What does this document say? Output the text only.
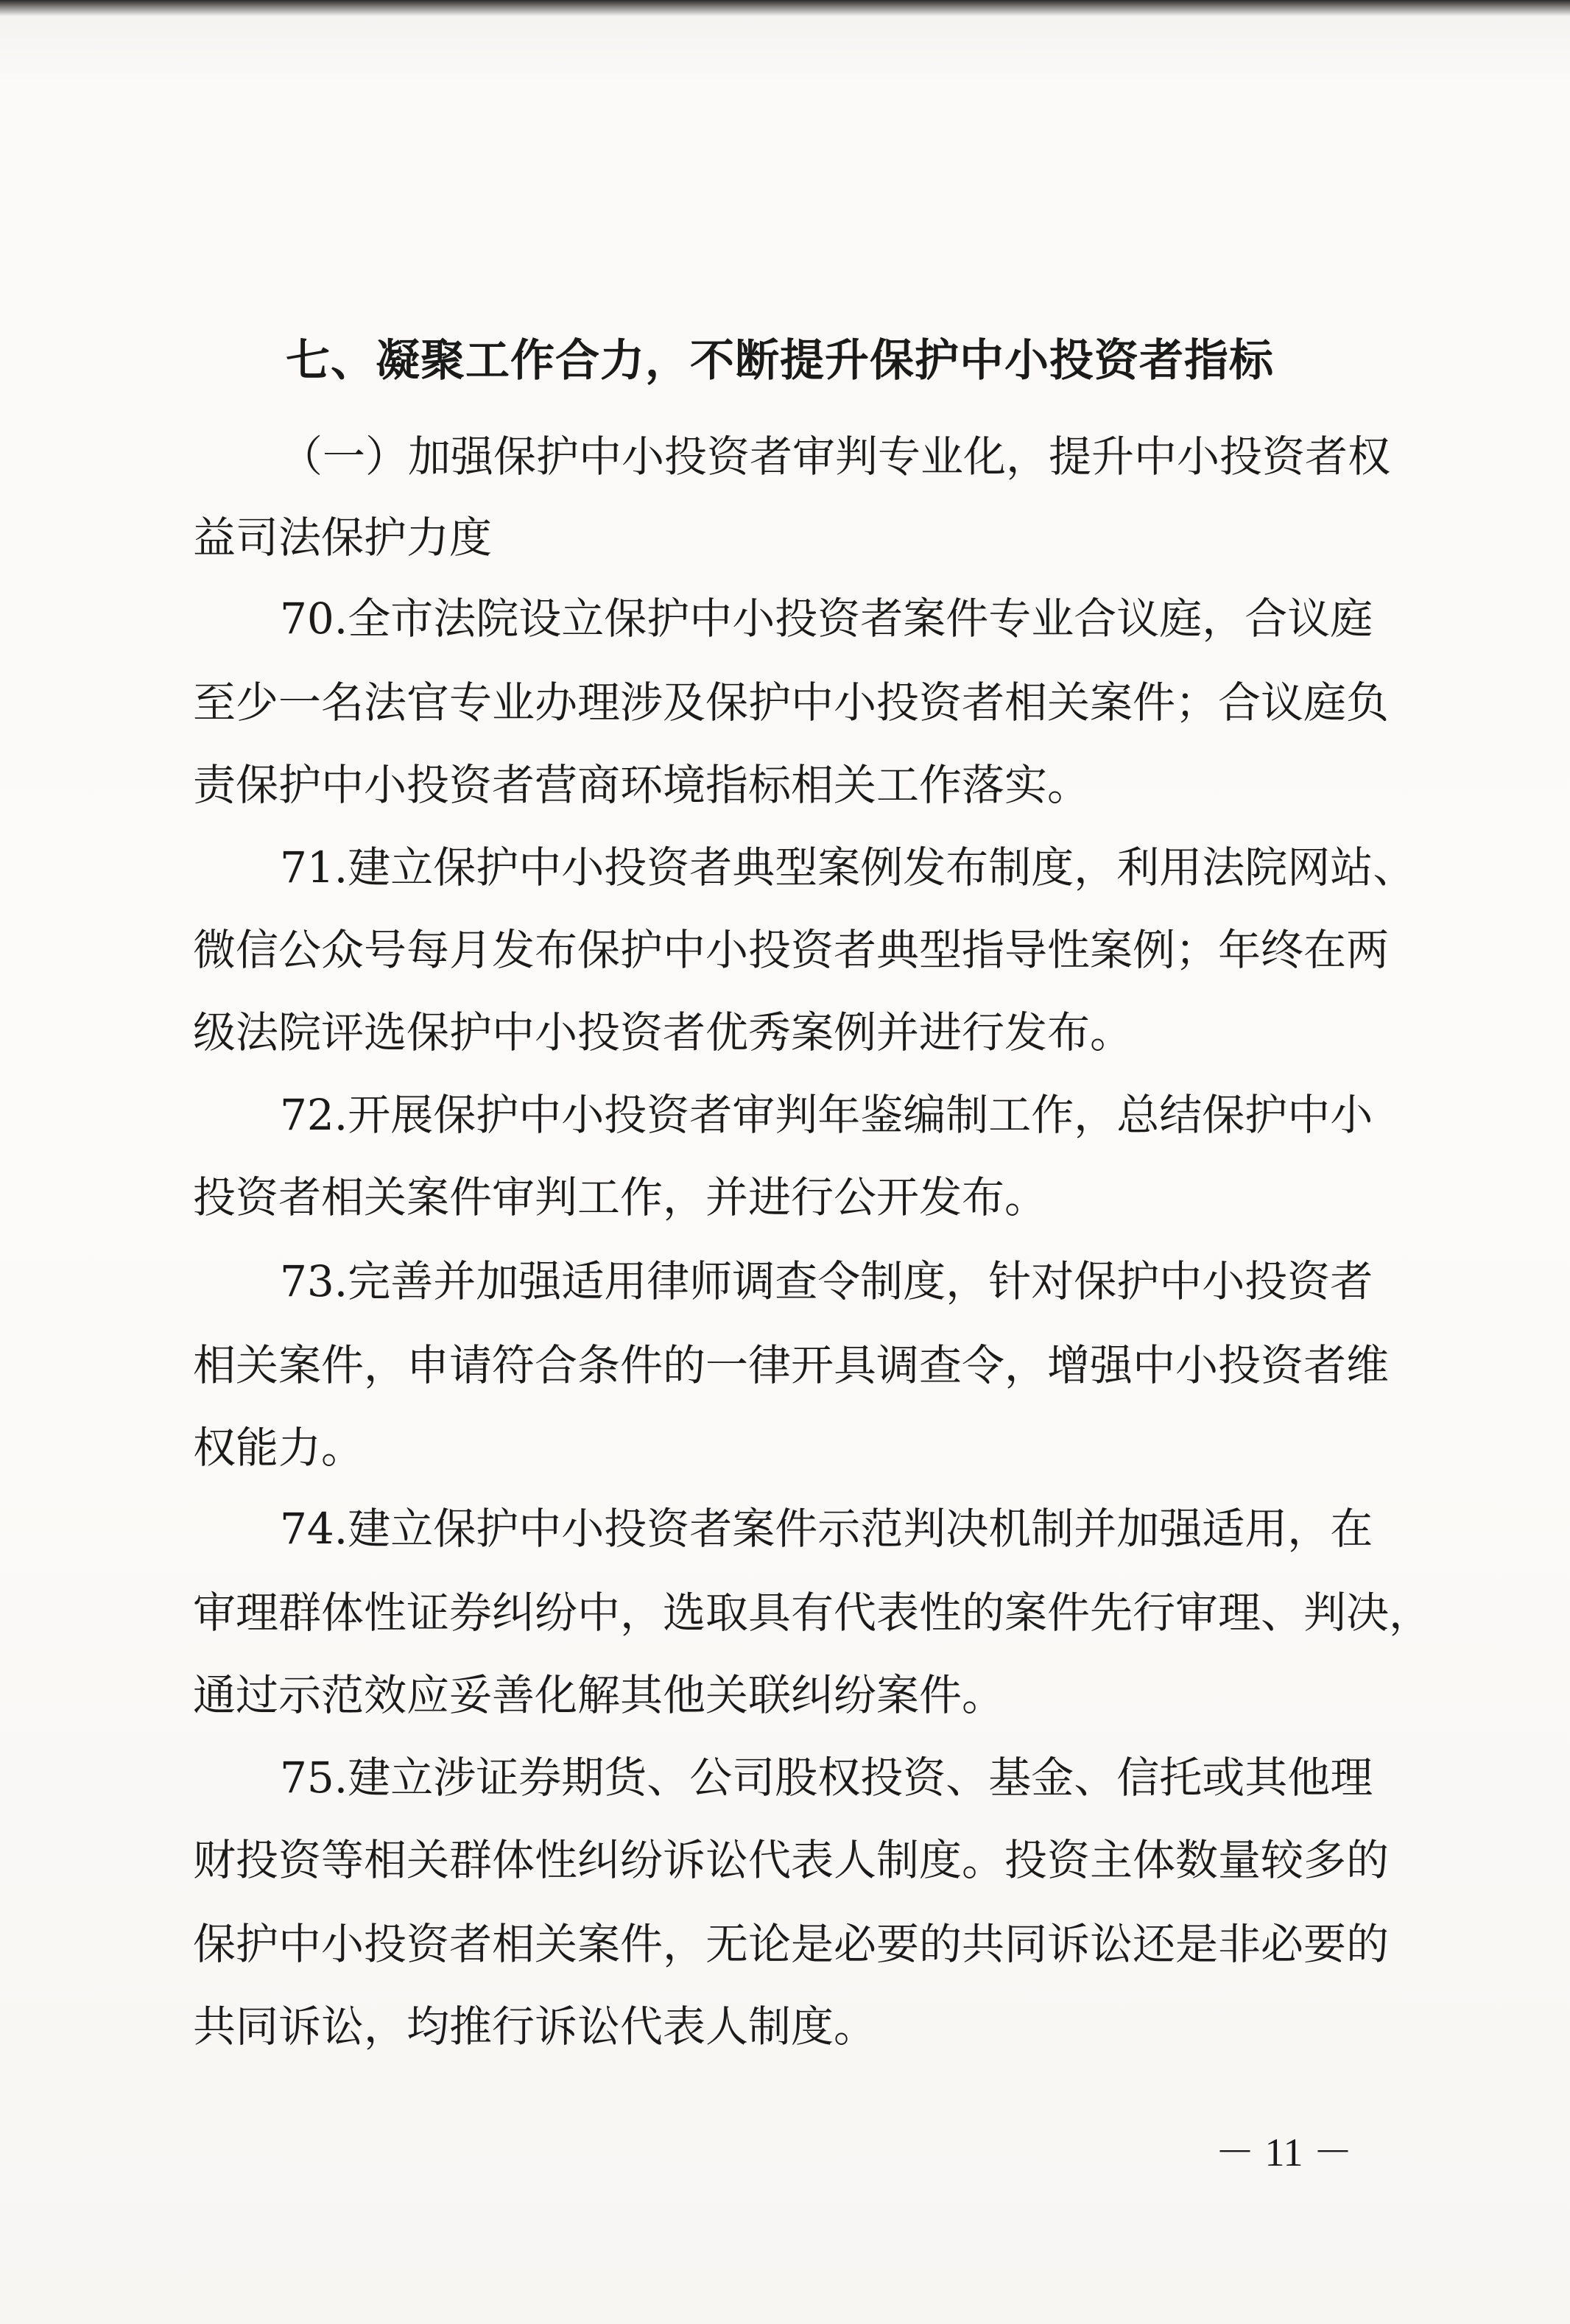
七、凝聚工作合力，不断提升保护中小投资者指标
（一）加强保护中小投资者审判专业化，提升中小投资者权
益司法保护力度
70.全市法院设立保护中小投资者案件专业合议庭，合议庭
至少一名法官专业办理涉及保护中小投资者相关案件；合议庭负
责保护中小投资者营商环境指标相关工作落实。
71.建立保护中小投资者典型案例发布制度，利用法院网站、
微信公众号每月发布保护中小投资者典型指导性案例；年终在两
级法院评选保护中小投资者优秀案例并进行发布。
72.开展保护中小投资者审判年鉴编制工作，总结保护中小
投资者相关案件审判工作，并进行公开发布。
73.完善并加强适用律师调查令制度，针对保护中小投资者
相关案件，申请符合条件的一律开具调查令，增强中小投资者维
权能力。
74.建立保护中小投资者案件示范判决机制并加强适用，在
审理群体性证券纠纷中，选取具有代表性的案件先行审理、判决，
通过示范效应妥善化解其他关联纠纷案件。
75.建立涉证券期货、公司股权投资、基金、信托或其他理
财投资等相关群体性纠纷诉讼代表人制度。投资主体数量较多的
保护中小投资者相关案件，无论是必要的共同诉讼还是非必要的
共同诉讼，均推行诉讼代表人制度。
－ 11 －
